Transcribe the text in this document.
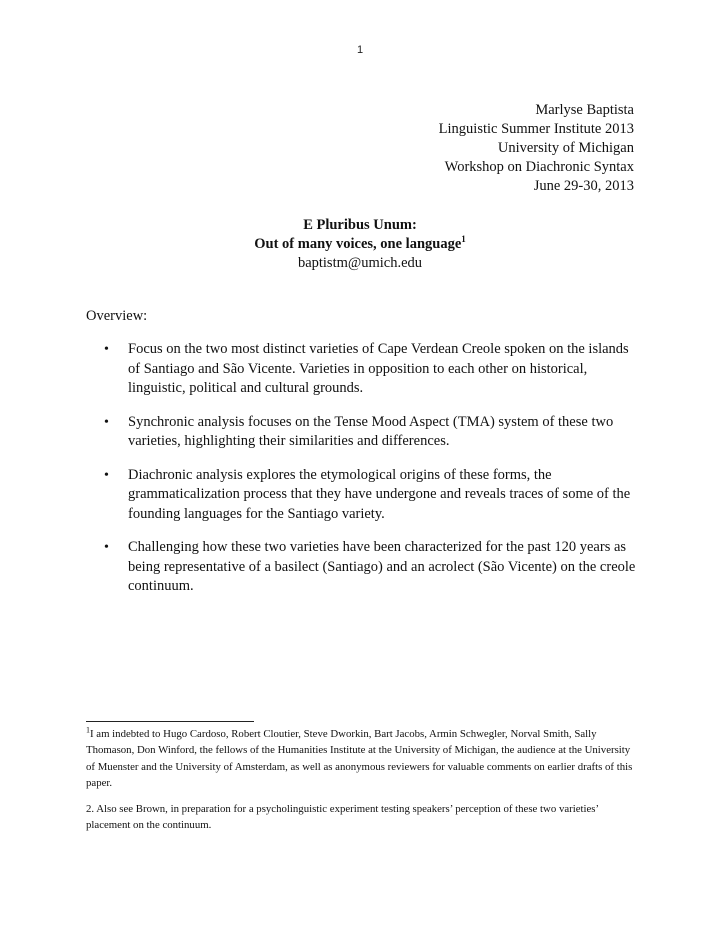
1
Marlyse Baptista
Linguistic Summer Institute 2013
University of Michigan
Workshop on Diachronic Syntax
June 29-30, 2013
E Pluribus Unum:
Out of many voices, one language$^1$
baptistm@umich.edu
Overview:
• Focus on the two most distinct varieties of Cape Verdean Creole spoken on the islands of Santiago and São Vicente. Varieties in opposition to each other on historical, linguistic, political and cultural grounds.
• Synchronic analysis focuses on the Tense Mood Aspect (TMA) system of these two varieties, highlighting their similarities and differences.
• Diachronic analysis explores the etymological origins of these forms, the grammaticalization process that they have undergone and reveals traces of some of the founding languages for the Santiago variety.
• Challenging how these two varieties have been characterized for the past 120 years as being representative of a basilect (Santiago) and an acrolect (São Vicente) on the creole continuum.

$^1$I am indebted to Hugo Cardoso, Robert Cloutier, Steve Dworkin, Bart Jacobs, Armin Schwegler, Norval Smith, Sally Thomason, Don Winford, the fellows of the Humanities Institute at the University of Michigan, the audience at the University of Muenster and the University of Amsterdam, as well as anonymous reviewers for valuable comments on earlier drafts of this paper.

2. Also see Brown, in preparation for a psycholinguistic experiment testing speakers’ perception of these two varieties’ placement on the continuum.
